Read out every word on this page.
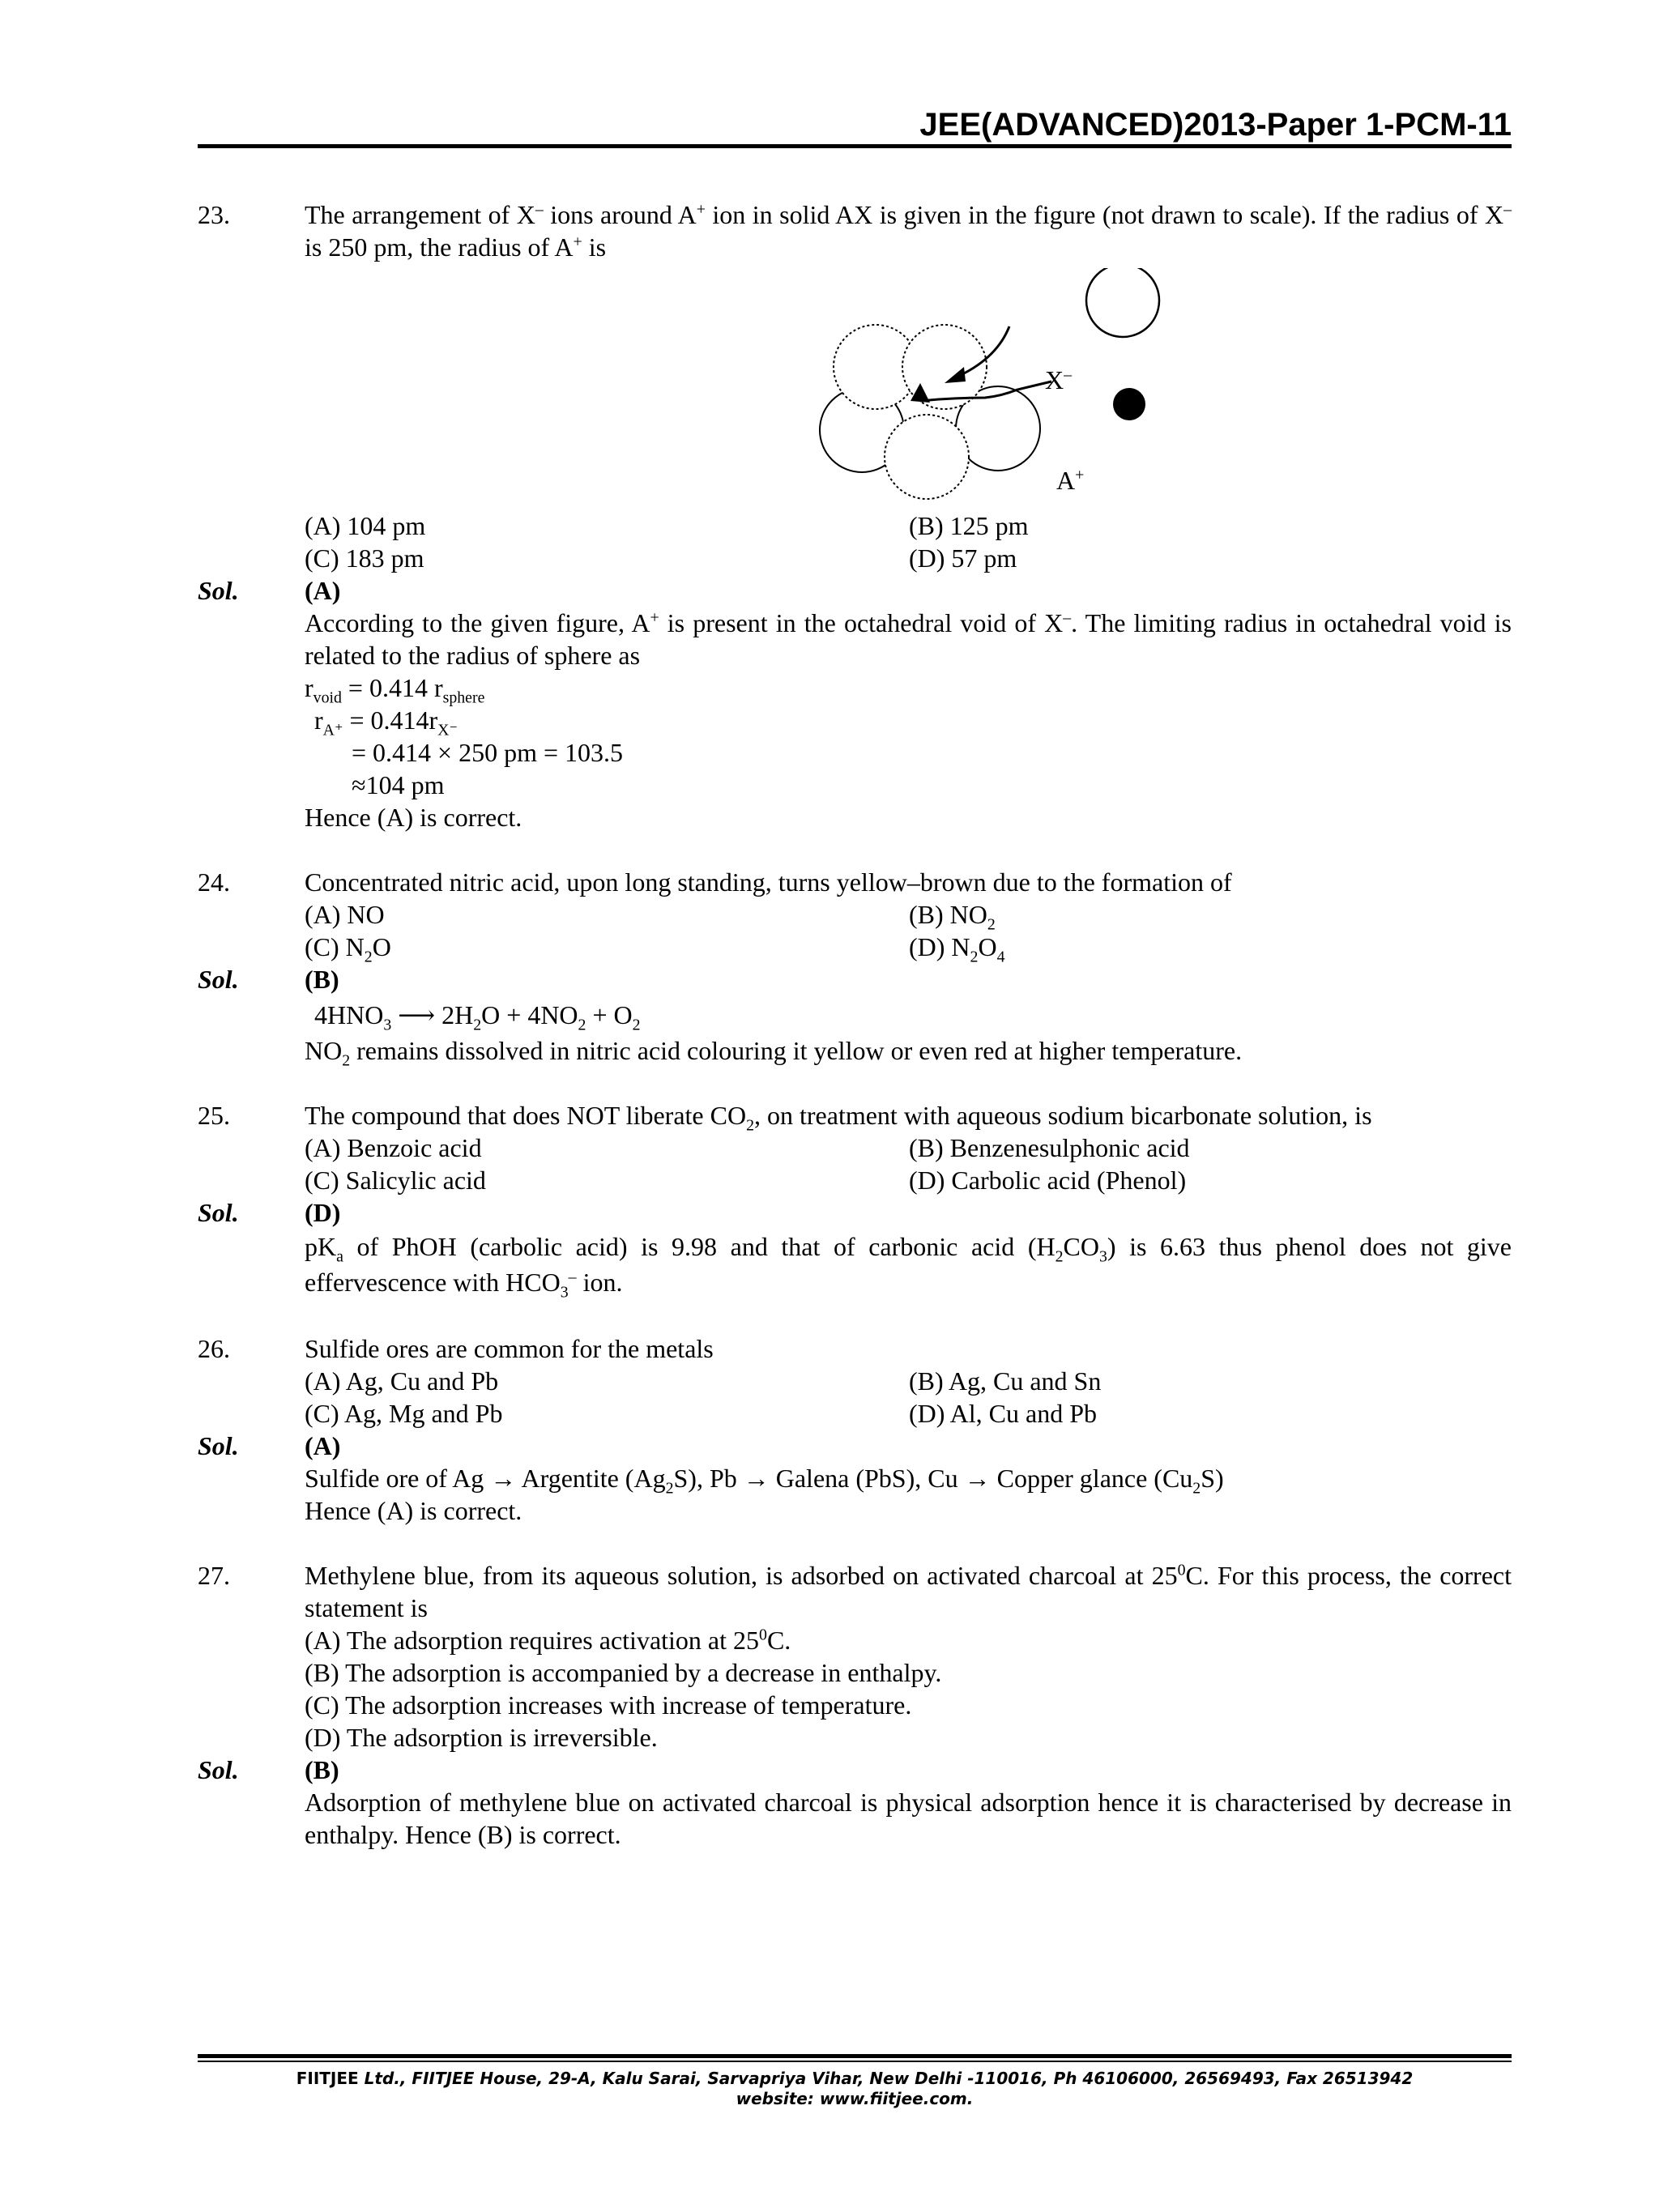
JEE(ADVANCED)2013-Paper 1-PCM-11
23.	The arrangement of X– ions around A+ ion in solid AX is given in the figure (not drawn to scale). If the radius of X– is 250 pm, the radius of A+ is
X–
A+
(A) 104 pm	(B) 125 pm
(C) 183 pm	(D) 57 pm
Sol.	(A)
According to the given figure, A+ is present in the octahedral void of X–. The limiting radius in octahedral void is related to the radius of sphere as
$r_{void} = 0.414$ $r_{sphere}$
$r_{A^+} = 0.414r_{X^-}$
= 0.414 × 250 pm = 103.5
≈104 pm
Hence (A) is correct.
24.	Concentrated nitric acid, upon long standing, turns yellow–brown due to the formation of
(A) NO	(B) $NO_2$
(C) $N_2O$	(D) $N_2O_4$
Sol.	(B)
$4HNO_3$ ⟶ $2H_2O + 4NO_2 + O_2$
$NO_2$ remains dissolved in nitric acid colouring it yellow or even red at higher temperature.
25.	The compound that does NOT liberate $CO_2$, on treatment with aqueous sodium bicarbonate solution, is
(A) Benzoic acid	(B) Benzenesulphonic acid
(C) Salicylic acid	(D) Carbolic acid (Phenol)
Sol.	(D)
$pK_a$ of PhOH (carbolic acid) is 9.98 and that of carbonic acid $(H_2CO_3)$ is 6.63 thus phenol does not give effervescence with $HCO_3^-$ ion.
26.	Sulfide ores are common for the metals
(A) Ag, Cu and Pb	(B) Ag, Cu and Sn
(C) Ag, Mg and Pb	(D) Al, Cu and Pb
Sol.	(A)
Sulfide ore of Ag → Argentite $(Ag_2S)$, Pb → Galena (PbS), Cu → Copper glance $(Cu_2S)$
Hence (A) is correct.
27.	Methylene blue, from its aqueous solution, is adsorbed on activated charcoal at $25^0C$. For this process, the correct statement is
(A) The adsorption requires activation at $25^0C$.
(B) The adsorption is accompanied by a decrease in enthalpy.
(C) The adsorption increases with increase of temperature.
(D) The adsorption is irreversible.
Sol.	(B)
Adsorption of methylene blue on activated charcoal is physical adsorption hence it is characterised by decrease in enthalpy. Hence (B) is correct.
FIITJEE Ltd., FIITJEE House, 29-A, Kalu Sarai, Sarvapriya Vihar, New Delhi -110016, Ph 46106000, 26569493, Fax 26513942
website: www.fiitjee.com.
